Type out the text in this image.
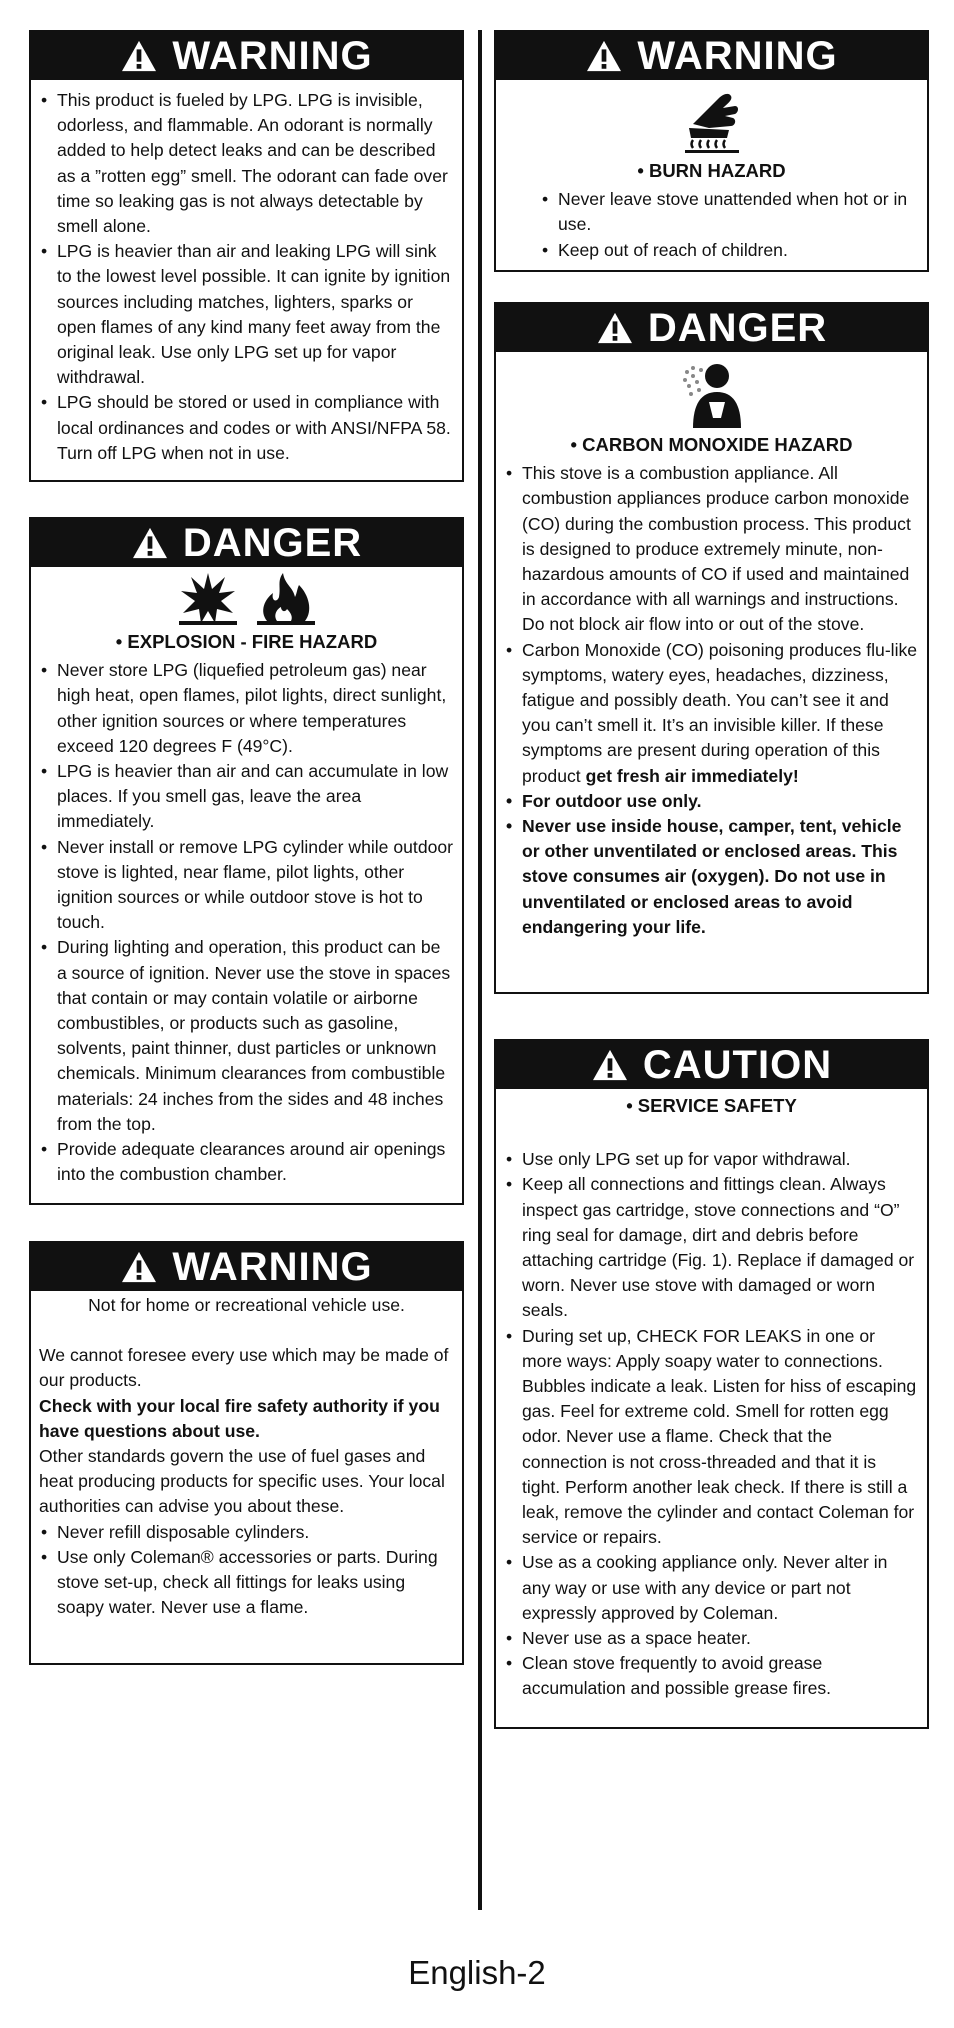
WARNING
• This product is fueled by LPG. LPG is invisible, odorless, and flammable. An odorant is normally added to help detect leaks and can be described as a ”rotten egg” smell. The odorant can fade over time so leaking gas is not always detectable by smell alone.
• LPG is heavier than air and leaking LPG will sink to the lowest level possible. It can ignite by ignition sources including matches, lighters, sparks or open flames of any kind many feet away from the original leak. Use only LPG set up for vapor withdrawal.
• LPG should be stored or used in compliance with local ordinances and codes or with ANSI/NFPA 58. Turn off LPG when not in use.
DANGER
• EXPLOSION - FIRE HAZARD
• Never store LPG (liquefied petroleum gas) near high heat, open flames, pilot lights, direct sunlight, other ignition sources or where temperatures exceed 120 degrees F (49°C).
• LPG is heavier than air and can accumulate in low places. If you smell gas, leave the area immediately.
• Never install or remove LPG cylinder while outdoor stove is lighted, near flame, pilot lights, other ignition sources or while outdoor stove is hot to touch.
• During lighting and operation, this product can be a source of ignition. Never use the stove in spaces that contain or may contain volatile or airborne combustibles, or products such as gasoline, solvents, paint thinner, dust particles or unknown chemicals. Minimum clearances from combustible materials: 24 inches from the sides and 48 inches from the top.
• Provide adequate clearances around air openings into the combustion chamber.
WARNING

Not for home or recreational vehicle use.

We cannot foresee every use which may be made of our products.

Check with your local fire safety authority if you have questions about use.

Other standards govern the use of fuel gases and heat producing products for specific uses. Your local authorities can advise you about these.

• Never refill disposable cylinders.
• Use only Coleman® accessories or parts. During stove set-up, check all fittings for leaks using soapy water. Never use a flame.
WARNING
• BURN HAZARD
• Never leave stove unattended when hot or in use.
• Keep out of reach of children.
DANGER
• CARBON MONOXIDE HAZARD
• This stove is a combustion appliance. All combustion appliances produce carbon monoxide (CO) during the combustion process. This product is designed to produce extremely minute, non-hazardous amounts of CO if used and maintained in accordance with all warnings and instructions. Do not block air flow into or out of the stove.
• Carbon Monoxide (CO) poisoning produces flu-like symptoms, watery eyes, headaches, dizziness, fatigue and possibly death. You can’t see it and you can’t smell it. It’s an invisible killer. If these symptoms are present during operation of this product get fresh air immediately!
• For outdoor use only.
• Never use inside house, camper, tent, vehicle or other unventilated or enclosed areas. This stove consumes air (oxygen). Do not use in unventilated or enclosed areas to avoid endangering your life.
CAUTION
• SERVICE SAFETY
• Use only LPG set up for vapor withdrawal.
• Keep all connections and fittings clean. Always inspect gas cartridge, stove connections and “O” ring seal for damage, dirt and debris before attaching cartridge (Fig. 1). Replace if damaged or worn. Never use stove with damaged or worn seals.
• During set up, CHECK FOR LEAKS in one or more ways: Apply soapy water to connections. Bubbles indicate a leak. Listen for hiss of escaping gas. Feel for extreme cold. Smell for rotten egg odor. Never use a flame. Check that the connection is not cross-threaded and that it is tight. Perform another leak check. If there is still a leak, remove the cylinder and contact Coleman for service or repairs.
• Use as a cooking appliance only. Never alter in any way or use with any device or part not expressly approved by Coleman.
• Never use as a space heater.
• Clean stove frequently to avoid grease accumulation and possible grease fires.
English-2
